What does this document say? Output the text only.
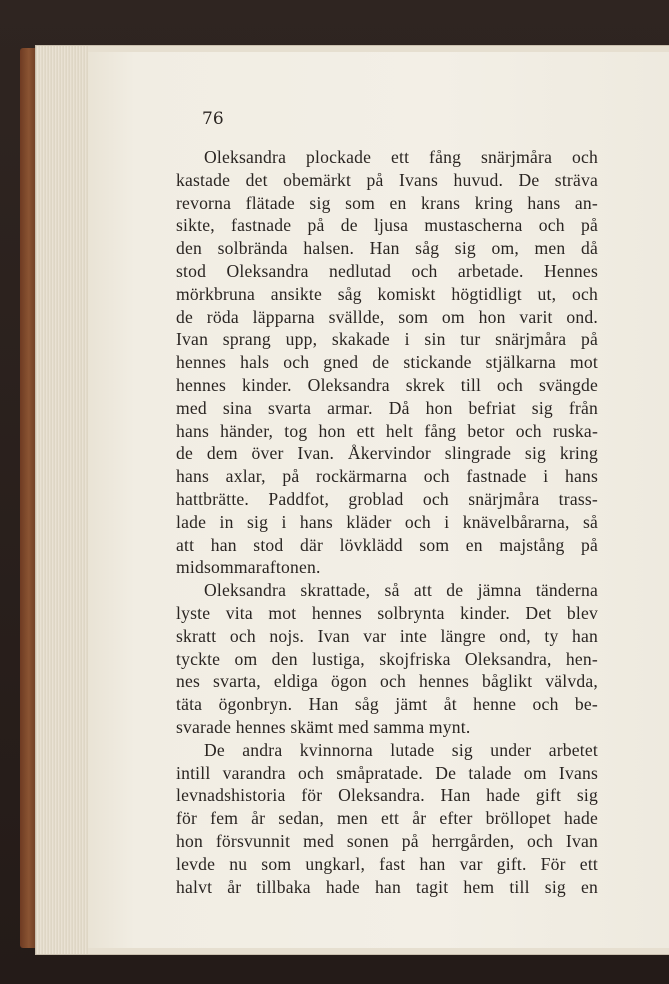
76
Oleksandra plockade ett fång snärjmåra och
kastade det obemärkt på Ivans huvud. De sträva
revorna flätade sig som en krans kring hans an-
sikte, fastnade på de ljusa mustascherna och på
den solbrända halsen. Han såg sig om, men då
stod Oleksandra nedlutad och arbetade. Hennes
mörkbruna ansikte såg komiskt högtidligt ut, och
de röda läpparna svällde, som om hon varit ond.
Ivan sprang upp, skakade i sin tur snärjmåra på
hennes hals och gned de stickande stjälkarna mot
hennes kinder. Oleksandra skrek till och svängde
med sina svarta armar. Då hon befriat sig från
hans händer, tog hon ett helt fång betor och ruska-
de dem över Ivan. Åkervindor slingrade sig kring
hans axlar, på rockärmarna och fastnade i hans
hattbrätte. Paddfot, groblad och snärjmåra trass-
lade in sig i hans kläder och i knävelbårarna, så
att han stod där lövklädd som en majstång på
midsommaraftonen.
Oleksandra skrattade, så att de jämna tänderna
lyste vita mot hennes solbrynta kinder. Det blev
skratt och nojs. Ivan var inte längre ond, ty han
tyckte om den lustiga, skojfriska Oleksandra, hen-
nes svarta, eldiga ögon och hennes båglikt välvda,
täta ögonbryn. Han såg jämt åt henne och be-
svarade hennes skämt med samma mynt.
De andra kvinnorna lutade sig under arbetet
intill varandra och småpratade. De talade om Ivans
levnadshistoria för Oleksandra. Han hade gift sig
för fem år sedan, men ett år efter bröllopet hade
hon försvunnit med sonen på herrgården, och Ivan
levde nu som ungkarl, fast han var gift. För ett
halvt år tillbaka hade han tagit hem till sig en
